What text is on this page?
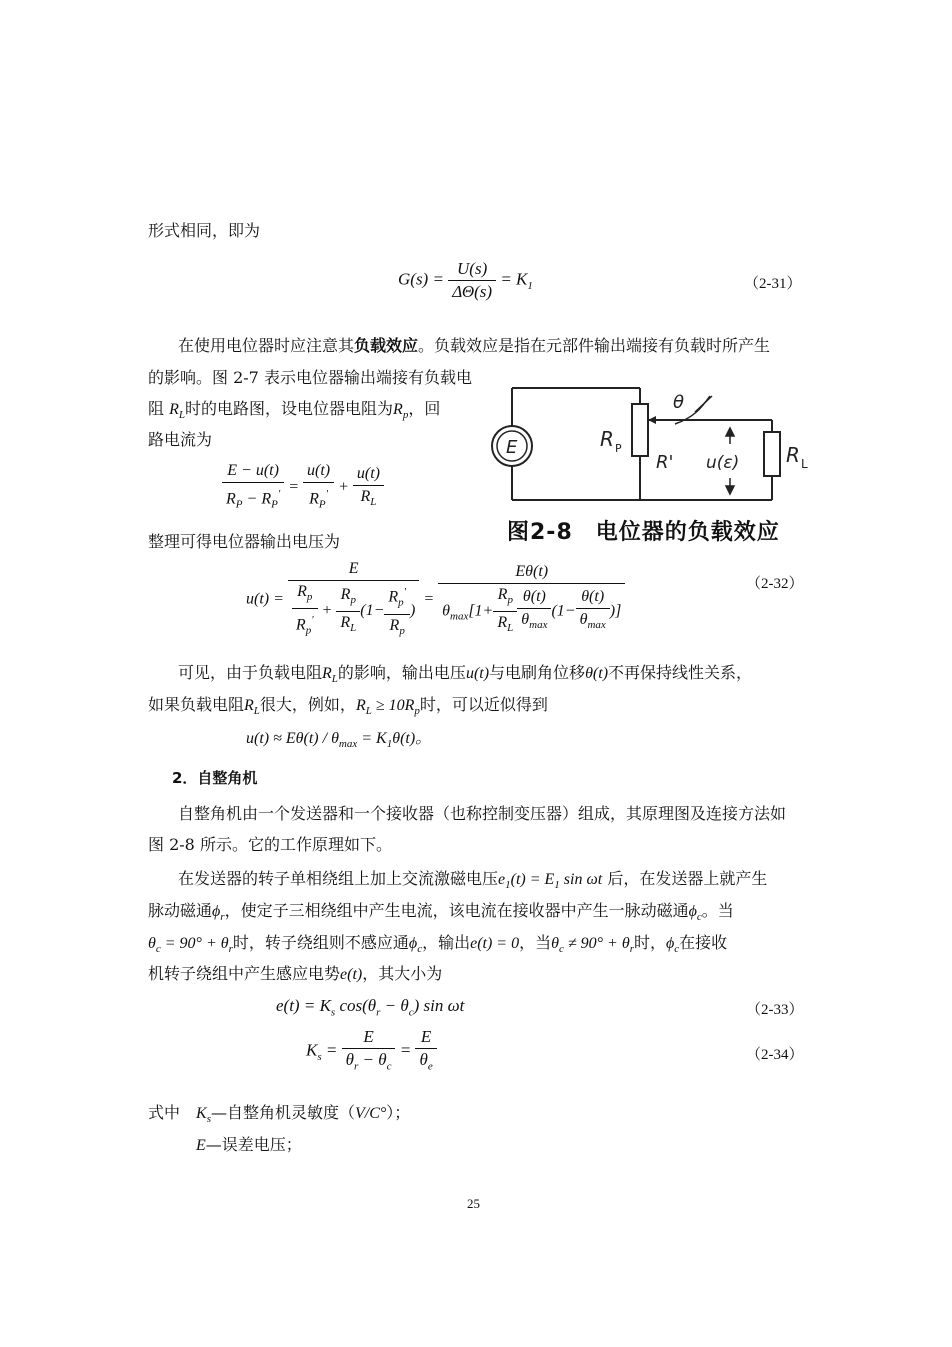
形式相同，即为
$G(s) = \frac{U(s)}{\Delta\Theta(s)} = K_1$	（2-31）
在使用电位器时应注意其负载效应。负载效应是指在元部件输出端接有负载时所产生
的影响。图 2-7 表示电位器输出端接有负载电
阻 $R_L$时的电路图，设电位器电阻为$R_p$，回
路电流为
$\frac{E - u(t)}{R_P - R_P'} = \frac{u(t)}{R_P'} + \frac{u(t)}{R_L}$
E	R P
R' u(ε) R L
θ
图2-8　电位器的负载效应
整理可得电位器输出电压为
$u(t) = \frac{E}{\frac{R_p}{R_p'} + \frac{R_p}{R_L} (1- \frac{R_p'}{R_p} )} = \frac{E\theta(t)}{\theta_{max}[1+ \frac{R_p}{R_L} \frac{\theta(t)}{\theta_{max}} (1- \frac{\theta(t)}{\theta_{max}} )]}$	（2-32）
可见，由于负载电阻$R_L$的影响，输出电压u(t)与电刷角位移θ(t)不再保持线性关系，
如果负载电阻$R_L$很大，例如，$R_L \ge 10R_p$时，可以近似得到
$u(t) \approx E\theta(t) / \theta_{max} = K_1\theta(t)$。
2．自整角机
自整角机由一个发送器和一个接收器（也称控制变压器）组成，其原理图及连接方法如
图 2-8 所示。它的工作原理如下。
在发送器的转子单相绕组上加上交流激磁电压$e_1(t) = E_1$ sin ωt 后，在发送器上就产生
脉动磁通$\phi_r$，使定子三相绕组中产生电流，该电流在接收器中产生一脉动磁通$\phi_c$。当
$\theta_c = 90^\circ + \theta_r$时，转子绕组则不感应通$\phi_c$，输出e(t) = 0，当$\theta_c \ne 90^\circ + \theta_r$时，$\phi_c$在接收
机转子绕组中产生感应电势e(t)，其大小为
$e(t) = K_s$ $\cos(\theta_r - \theta_c)$ sin ωt	（2-33）
$K_s = \frac{E}{\theta_r - \theta_c} = \frac{E}{\theta_e}$	（2-34）
式中　 $K_s—$自整角机灵敏度（V/C°）；
E—误差电压；
25
